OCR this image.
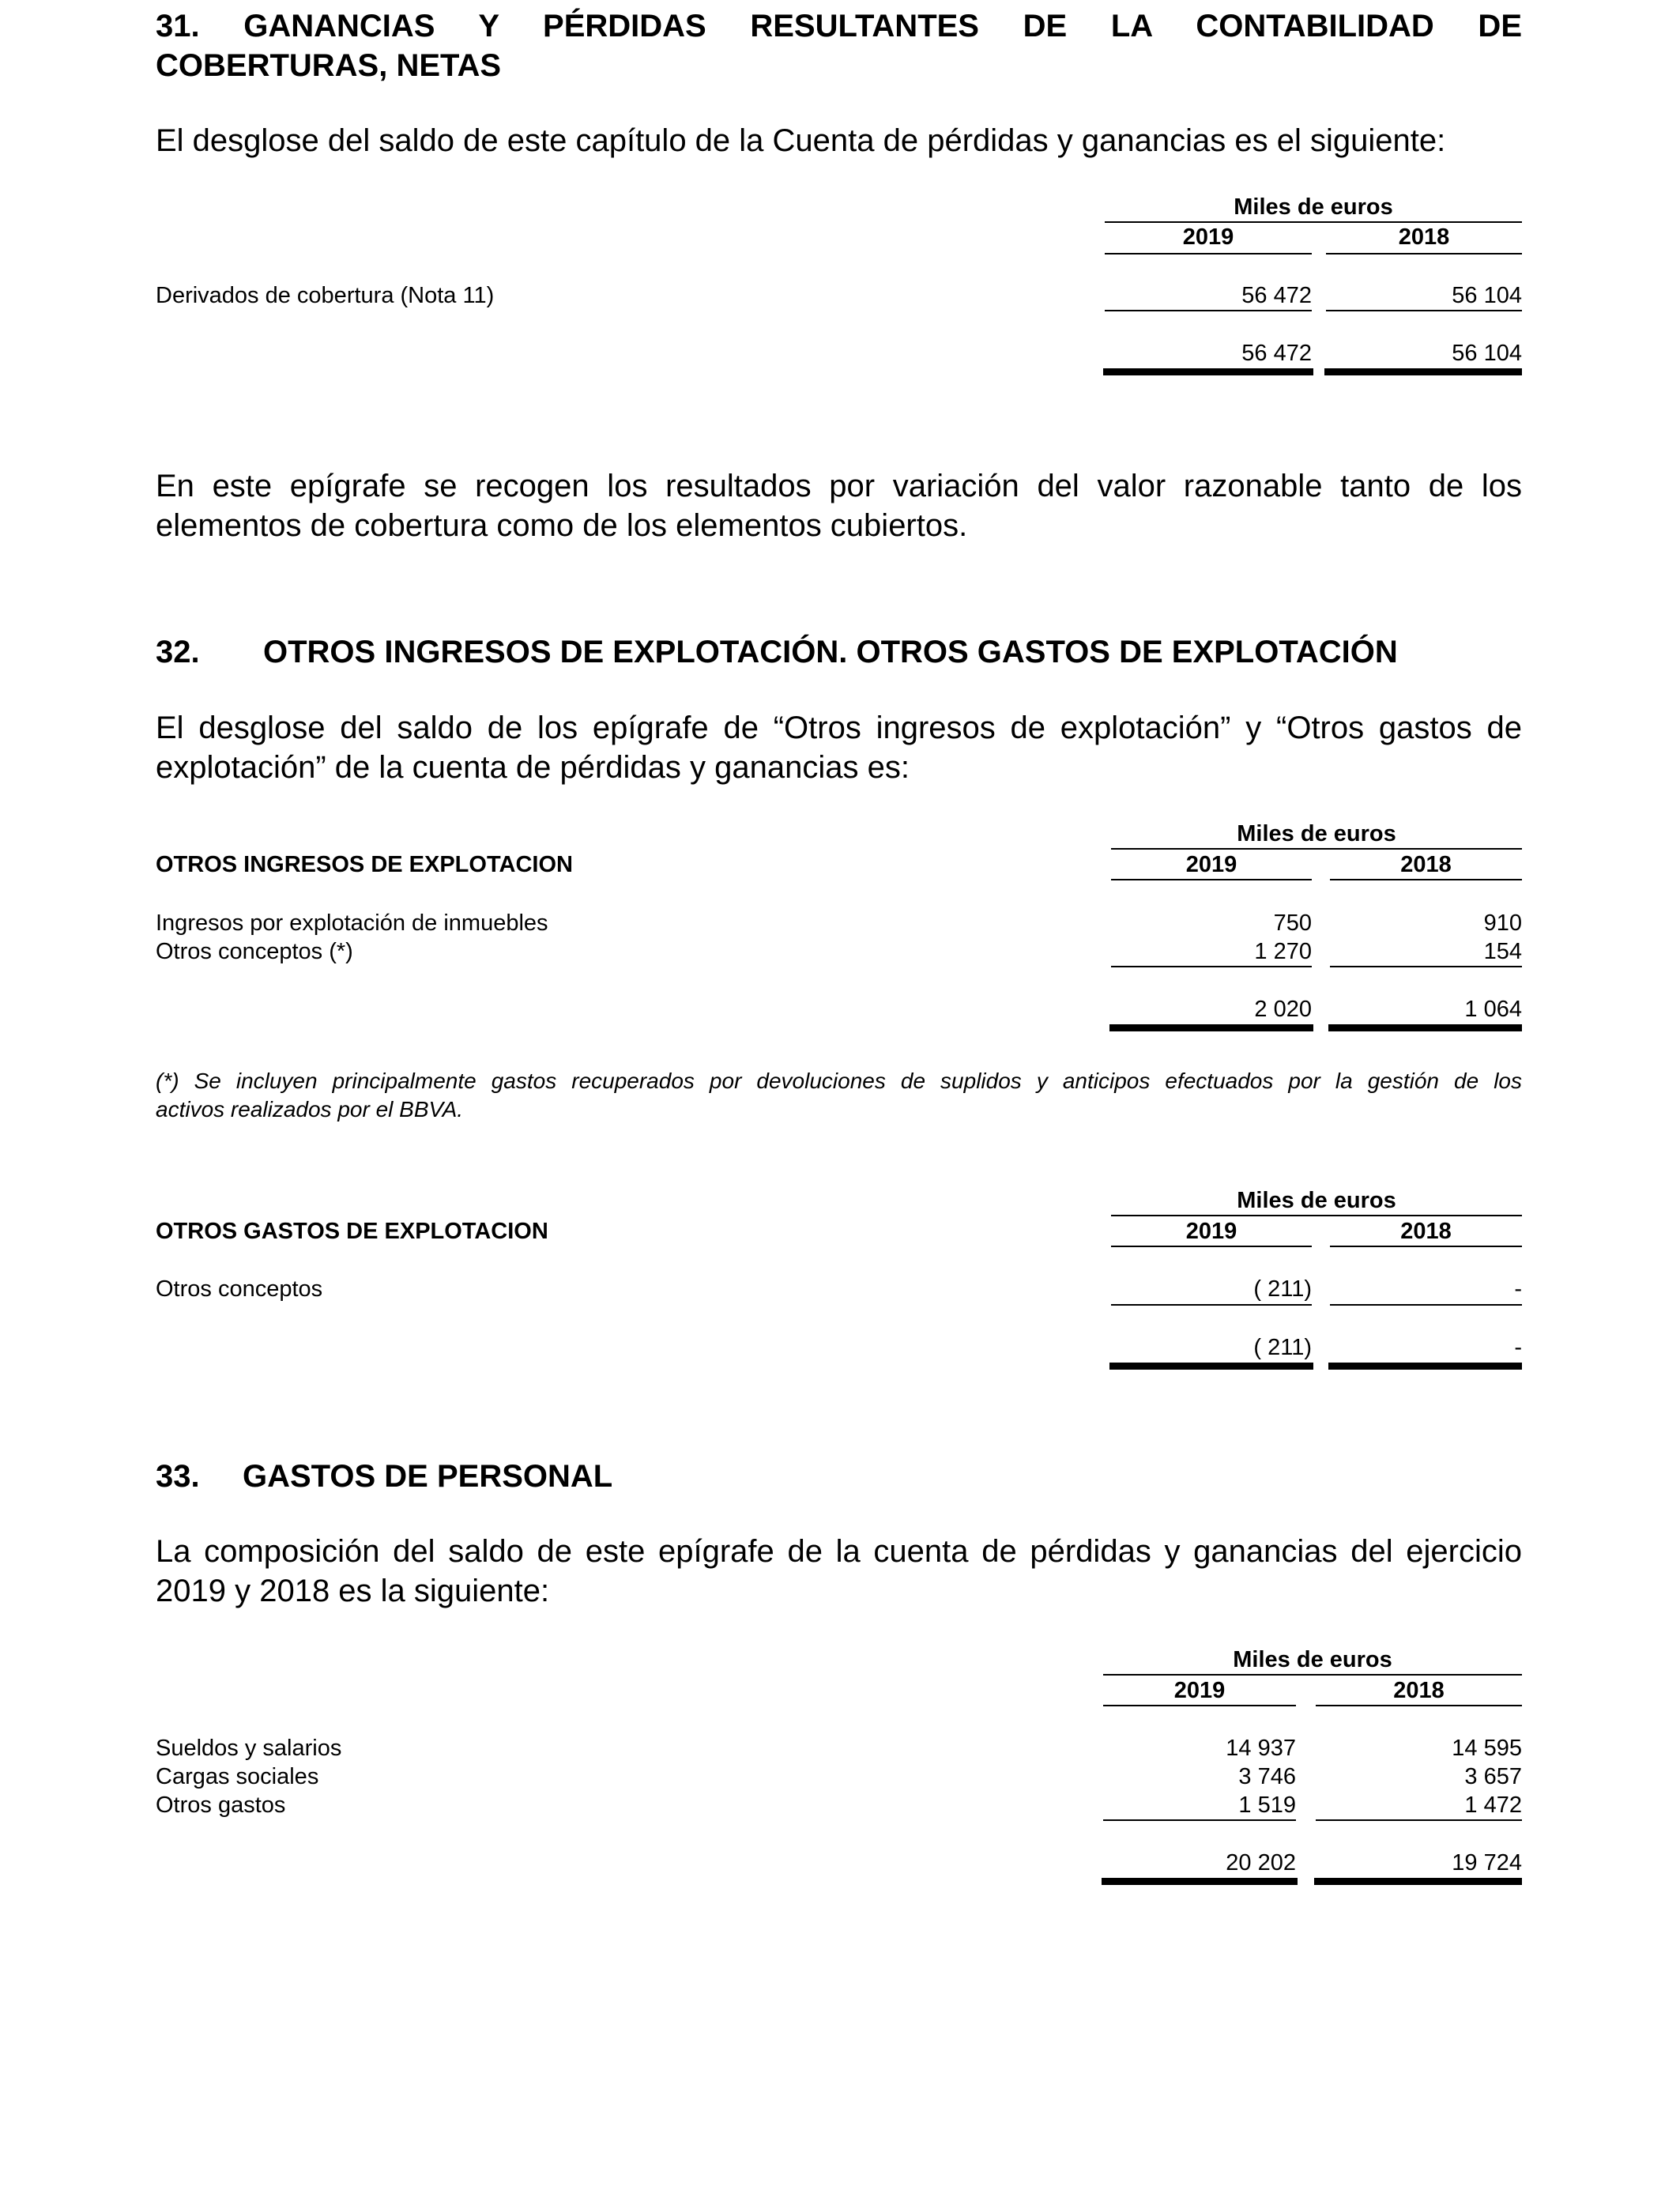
31. GANANCIAS Y PÉRDIDAS RESULTANTES DE LA CONTABILIDAD DE
COBERTURAS, NETAS
El desglose del saldo de este capítulo de la Cuenta de pérdidas y ganancias es el siguiente:
Miles de euros
2019	2018
Derivados de cobertura (Nota 11)	56 472	56 104
56 472	56 104
En este epígrafe se recogen los resultados por variación del valor razonable tanto de los
elementos de cobertura como de los elementos cubiertos.
32. OTROS INGRESOS DE EXPLOTACIÓN. OTROS GASTOS DE EXPLOTACIÓN
El desglose del saldo de los epígrafe de “Otros ingresos de explotación” y “Otros gastos de
explotación” de la cuenta de pérdidas y ganancias es:
Miles de euros
OTROS INGRESOS DE EXPLOTACION	2019	2018
Ingresos por explotación de inmuebles	750	910
Otros conceptos (*)	1 270	154
2 020	1 064
(*) Se incluyen principalmente gastos recuperados por devoluciones de suplidos y anticipos efectuados por la gestión de los
activos realizados por el BBVA.
Miles de euros
OTROS GASTOS DE EXPLOTACION	2019	2018
Otros conceptos	( 211)	-
( 211)	-
33. GASTOS DE PERSONAL
La composición del saldo de este epígrafe de la cuenta de pérdidas y ganancias del ejercicio
2019 y 2018 es la siguiente:
Miles de euros
2019	2018
Sueldos y salarios	14 937	14 595
Cargas sociales	3 746	3 657
Otros gastos	1 519	1 472
20 202	19 724
